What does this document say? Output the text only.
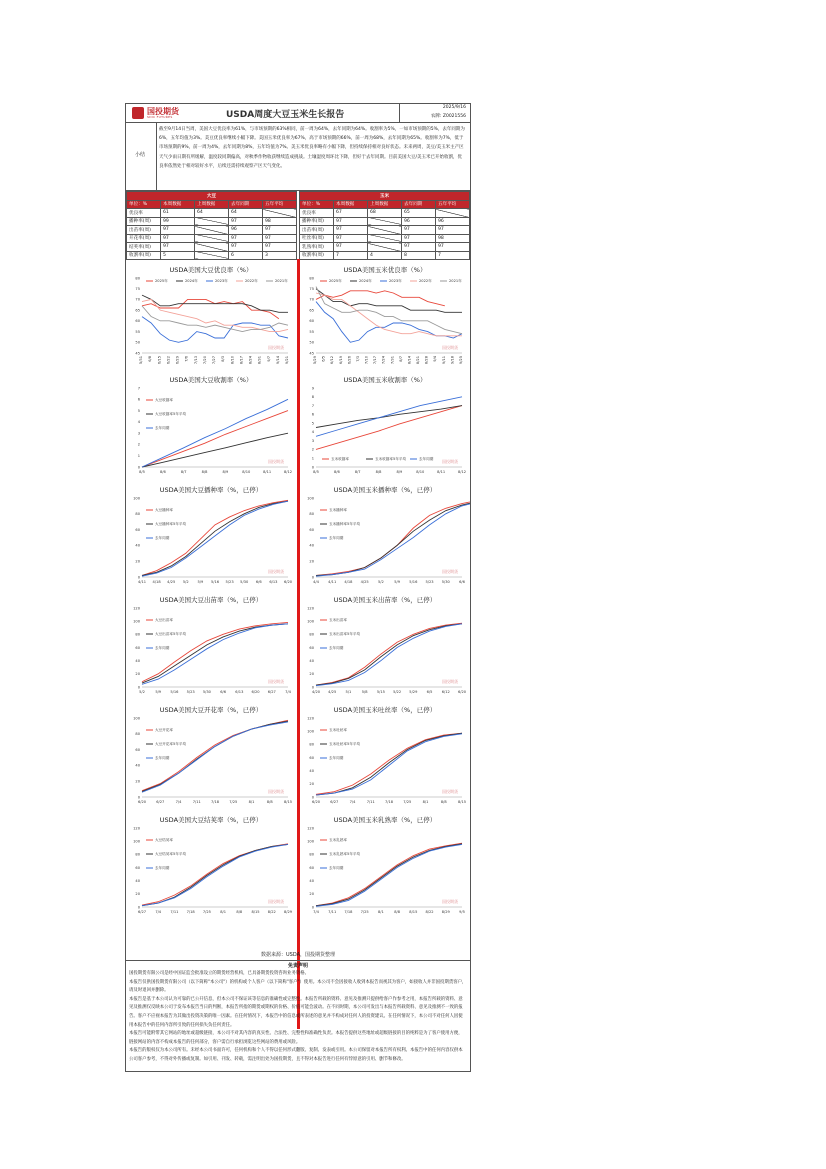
国投期货
SDIC FUTURES	USDA周度大豆玉米生长报告
2025/9/16
农牌: Z0021556
小结
截至9月14日当周，美国大豆优良率为61%，与市场预期的63%相同，前一周为64%，去年同期为64%。收割率为5%，一如市场预期的5%，去年同期为6%，五年均值为3%。美豆优良率继续小幅下降。美国玉米优良率为67%，高于市场预期的66%，前一周为68%，去年同期为65%。收割率为7%，低于市场预期的9%，前一周为4%，去年同期为8%，五年均值为7%。美玉米优良率略有小幅下降，但持续保持相对良好状态。未来两周，美豆/美玉米主产区天气少雨日期有所缓解，温度较同期偏高，对秋季作物收获继续造成挑战。土壤湿度周环比下降，但好于去年同期。目前美国大豆/美玉米已开始收割，优良率依然处于相对较好水平，后续还需持续观察产区天气变化。
大豆				
单位：%	本周数据	上周数据	去年同期	五年平均
优良率	61	64	64	
播种率(周)	99		97	98
出苗率(周)	97		96	97
开花率(周)	97		97	97
结荚率(周)	97		97	97
收割率(周)	5		6	3
玉米				
单位：%	本周数据	上周数据	去年同期	五年平均
优良率	67	68	65	
播种率(周)	97		96	96
出苗率(周)	97		97	97
吐丝率(周)	97		97	98
乳熟率(周)	97		97	97
收割率(周)	7	4	8	7
USDA美国大豆优良率（%）
45
50
55
60
65
70
75
80
5/31 6/8 6/15 6/22 6/29 7/6 7/13 7/20 7/27 8/3 8/10 8/17 8/24 8/31 9/7 9/14 9/21
2025年	2024年	2023年	2022年	2021年
国投期货
USDA美国玉米优良率（%）
45
50
55
60
65
70
75
80
5/29 6/5 6/12 6/19 6/26 7/3 7/10 7/17 7/24 7/31 8/7 8/14 8/21 8/28 9/4 9/11 9/18 9/25
2025年	2024年	2023年	2022年	2021年
国投期货
USDA美国大豆收割率（%）
0
1
2
3
4
5
6
7
8/5	8/6	8/7	8/8	8/9	8/10	8/11	8/12
大豆收割率
大豆收割率5年平均
去年同期
国投期货
USDA美国玉米收割率（%）
0
1
2
3
4
5
6
7
8
9
8/5	8/6	8/7	8/8	8/9	8/10	8/11	8/12
玉米收割率	玉米收割率5年平均	去年同期 国投期货
USDA美国大豆播种率（%，已停）
0
20
40
60
80
100
4/11 4/18 4/25 5/2 5/9 5/16 5/23 5/30 6/6 6/13 6/20
大豆播种率
大豆播种率5年平均
去年同期
国投期货
USDA美国玉米播种率（%，已停）
0
20
40
60
80
100
4/4	4/11 4/18 4/25	5/2	5/9	5/16 5/23 5/30	6/6
玉米播种率
玉米播种率5年平均
去年同期
国投期货
USDA美国大豆出苗率（%，已停）
0
20
40
60
80
100
120
5/2	5/9	5/16 5/23 5/30	6/6	6/13 6/20 6/27	7/4
大豆出苗率
大豆出苗率5年平均
去年同期
国投期货
USDA美国玉米出苗率（%，已停）
0
20
40
60
80
100
120
4/20 4/25	5/1	5/8	5/15 5/22 5/29	6/5	6/12 6/20
玉米出苗率
玉米出苗率5年平均
去年同期
国投期货
USDA美国大豆开花率（%，已停）
0
20
40
60
80
100
6/20	6/27	7/4	7/11	7/18	7/25	8/1	8/8	8/15
大豆开花率
大豆开花率5年平均
去年同期
国投期货
USDA美国玉米吐丝率（%，已停）
0
20
40
60
80
100
120
6/20	6/27	7/4	7/11	7/18	7/25	8/1	8/8	8/15
玉米吐丝率
玉米吐丝率5年平均
去年同期
国投期货
USDA美国大豆结荚率（%，已停）
0
20
40
60
80
100
120
6/27	7/4	7/11 7/18 7/25	8/1	8/8	8/15 8/22 8/29
大豆结荚率
大豆结荚率5年平均
去年同期
国投期货
USDA美国玉米乳熟率（%，已停）
0
20
40
60
80
100
120
7/4	7/11 7/18 7/25	8/1	8/8	8/15 8/22 8/29	9/5
玉米乳熟率
玉米乳熟率5年平均
去年同期
国投期货
数据来源：USDA，国投期货整理
免责声明

国投期货有限公司是经中国证监会批准设立的期货经营机构，已具备期货投资咨询业务资格。

本报告仅供国投期货有限公司（以下简称"本公司"）的机构或个人客户（以下简称"客户"）使用。本公司不会因接收人收到本报告而视其为客户，如接收人并非国投期货客户，请及时退回并删除。

本报告是基于本公司认为可靠的已公开信息，但本公司不保证该等信息的准确性或完整性。本报告所载的资料、意见及推测只提供给客户作参考之用，本报告所载的资料、意见及推测仅反映本公司于发布本报告当日的判断，本报告所指的期货或期权的价格、价值可能会波动。在不同时期，本公司可发出与本报告所载资料、意见及推测不一致的报告。客户不应视本报告为其做出投资决策的唯一因素。在任何情况下，本报告中的信息或所表述的意见并不构成对任何人的投资建议。在任何情况下，本公司不对任何人因使用本报告中的任何内容所引致的任何损失负任何责任。

本报告可能附带其它网站的地址或超级链接，本公司不对其内容的真实性、合法性、完整性和准确性负责。本报告提供这些地址或超级链接的目的纯粹是为了客户使用方便，链接网站的内容不构成本报告的任何部分，客户需自行承担浏览这些网站的费用或风险。

本报告的版权仅为本公司所有。未经本公司书面许可，任何机构和个人不得以任何形式翻版、复制、发表或引用。本公司保留对本报告所有权利。本报告中的任何内容仅供本公司客户参考，不得对外传播或复制。如引用、刊发、转载，需注明出处为国投期货，且不得对本报告进行任何有悖原意的引用、删节和修改。
